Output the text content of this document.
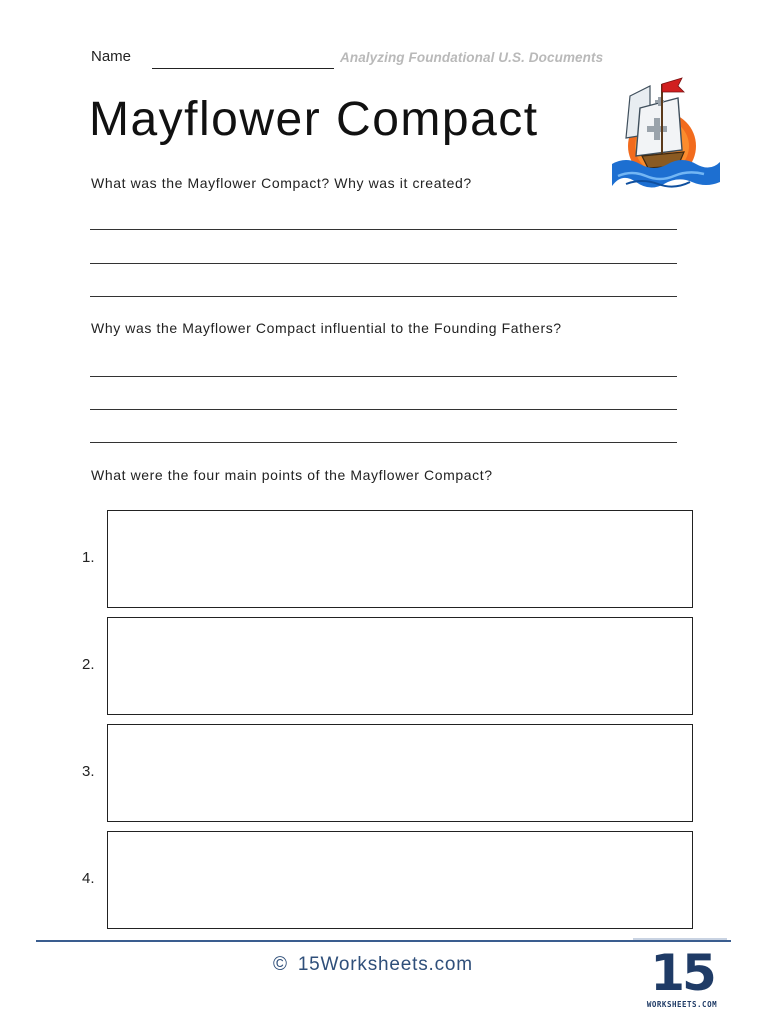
Name	Analyzing Foundational U.S. Documents
Mayflower Compact
What was the Mayflower Compact? Why was it created?
Why was the Mayflower Compact influential to the Founding Fathers?
What were the four main points of the Mayflower Compact?
1.
2.
3.
4.
© 15Worksheets.com	15
WORKSHEETS.COM
